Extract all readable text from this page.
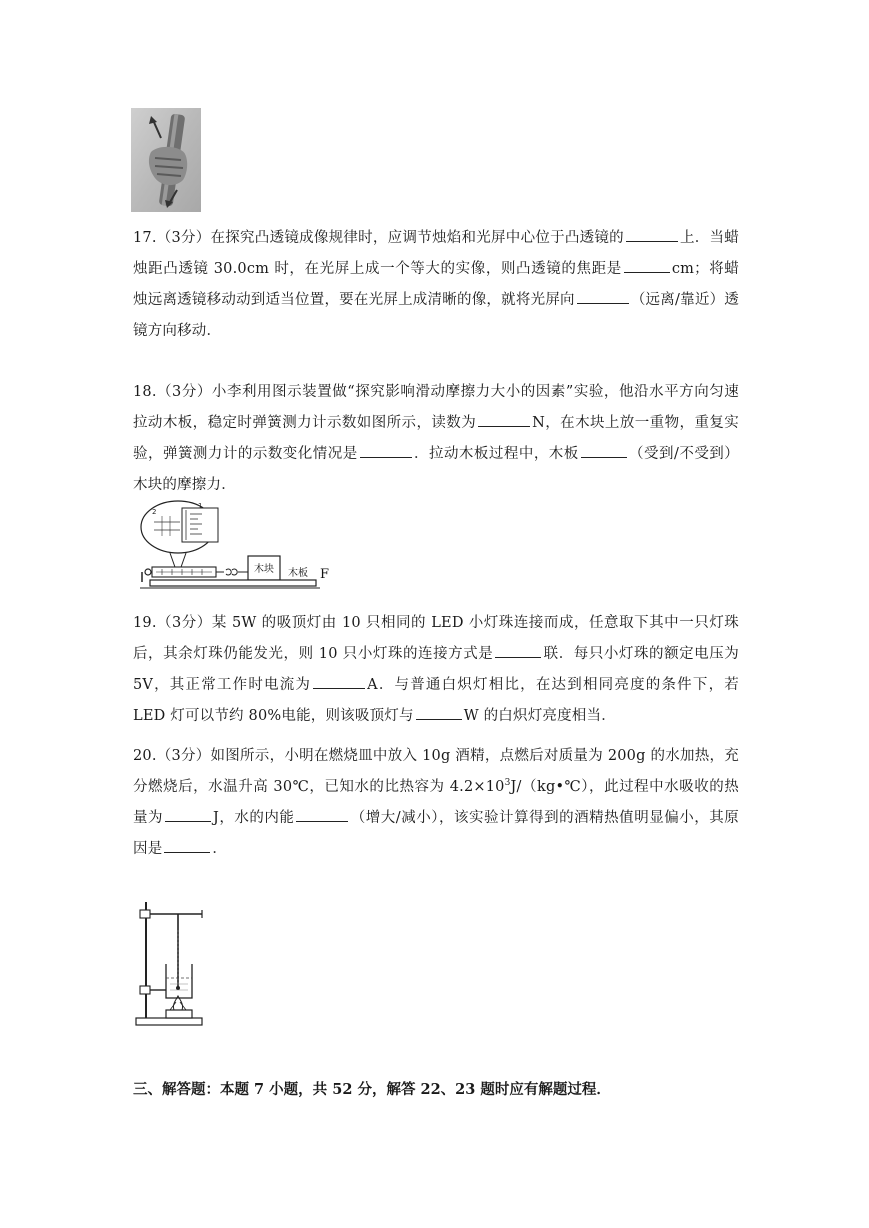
17.（3分）在探究凸透镜成像规律时，应调节烛焰和光屏中心位于凸透镜的	上．当蜡烛距凸透镜 30.0cm 时，在光屏上成一个等大的实像，则凸透镜的焦距是	cm；将蜡烛远离透镜移动动到适当位置，要在光屏上成清晰的像，就将光屏向	（远离/靠近）透镜方向移动．
18.（3分）小李利用图示装置做“探究影响滑动摩擦力大小的因素”实验，他沿水平方向匀速拉动木板，稳定时弹簧测力计示数如图所示，读数为	N，在木块上放一重物，重复实验，弹簧测力计的示数变化情况是	．拉动木板过程中，木板	（受到/不受到）木块的摩擦力．
2
1
木块 木板 F
19.（3分）某 5W 的吸顶灯由 10 只相同的 LED 小灯珠连接而成，任意取下其中一只灯珠后，其余灯珠仍能发光，则 10 只小灯珠的连接方式是	联．每只小灯珠的额定电压为 5V，其正常工作时电流为	A．与普通白炽灯相比，在达到相同亮度的条件下，若 LED 灯可以节约 80%电能，则该吸顶灯与	W 的白炽灯亮度相当．
20.（3分）如图所示，小明在燃烧皿中放入 10g 酒精，点燃后对质量为 200g 的水加热，充分燃烧后，水温升高 30℃，已知水的比热容为 $4.2\times 10^3J/(kg•℃)$，此过程中水吸收的热量为	J，水的内能	（增大/减小），该实验计算得到的酒精热值明显偏小，其原因是	．
三、解答题：本题 7 小题，共 52 分，解答 22、23 题时应有解题过程．
